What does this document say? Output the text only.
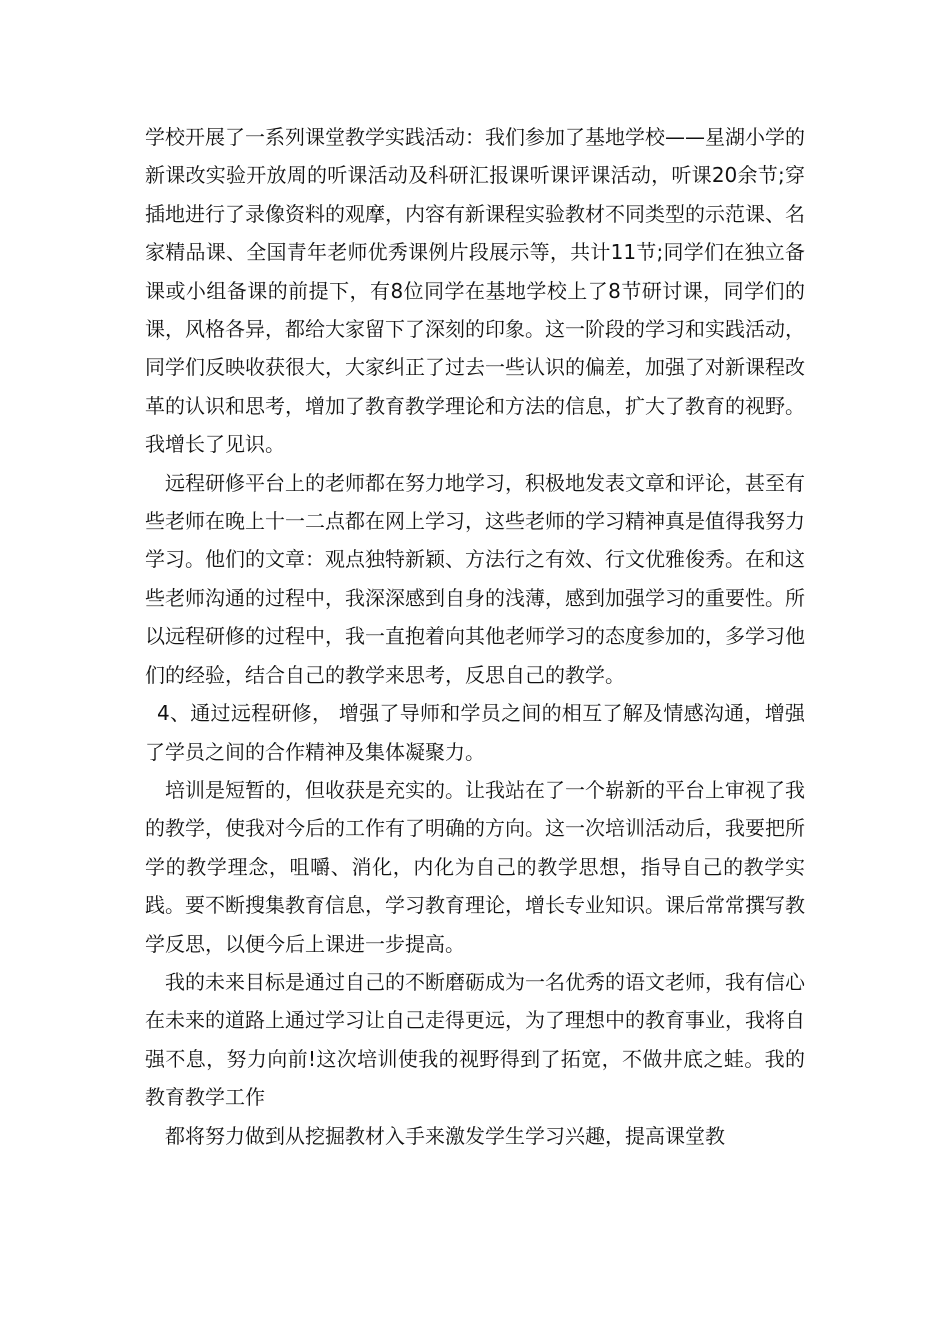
学校开展了一系列课堂教学实践活动：我们参加了基地学校——星湖小学的新课改实验开放周的听课活动及科研汇报课听课评课活动，听课20余节;穿插地进行了录像资料的观摩，内容有新课程实验教材不同类型的示范课、名家精品课、全国青年老师优秀课例片段展示等，共计11节;同学们在独立备课或小组备课的前提下，有8位同学在基地学校上了8节研讨课，同学们的课，风格各异，都给大家留下了深刻的印象。这一阶段的学习和实践活动，同学们反映收获很大，大家纠正了过去一些认识的偏差，加强了对新课程改革的认识和思考，增加了教育教学理论和方法的信息，扩大了教育的视野。我增长了见识。

远程研修平台上的老师都在努力地学习，积极地发表文章和评论，甚至有些老师在晚上十一二点都在网上学习，这些老师的学习精神真是值得我努力学习。他们的文章：观点独特新颖、方法行之有效、行文优雅俊秀。在和这些老师沟通的过程中，我深深感到自身的浅薄，感到加强学习的重要性。所以远程研修的过程中，我一直抱着向其他老师学习的态度参加的，多学习他们的经验，结合自己的教学来思考，反思自己的教学。

4、通过远程研修， 增强了导师和学员之间的相互了解及情感沟通，增强了学员之间的合作精神及集体凝聚力。

培训是短暂的，但收获是充实的。让我站在了一个崭新的平台上审视了我的教学，使我对今后的工作有了明确的方向。这一次培训活动后，我要把所学的教学理念，咀嚼、消化，内化为自己的教学思想，指导自己的教学实践。要不断搜集教育信息，学习教育理论，增长专业知识。课后常常撰写教学反思，以便今后上课进一步提高。

我的未来目标是通过自己的不断磨砺成为一名优秀的语文老师，我有信心在未来的道路上通过学习让自己走得更远，为了理想中的教育事业，我将自强不息，努力向前!这次培训使我的视野得到了拓宽，不做井底之蛙。我的教育教学工作

都将努力做到从挖掘教材入手来激发学生学习兴趣，提高课堂教
